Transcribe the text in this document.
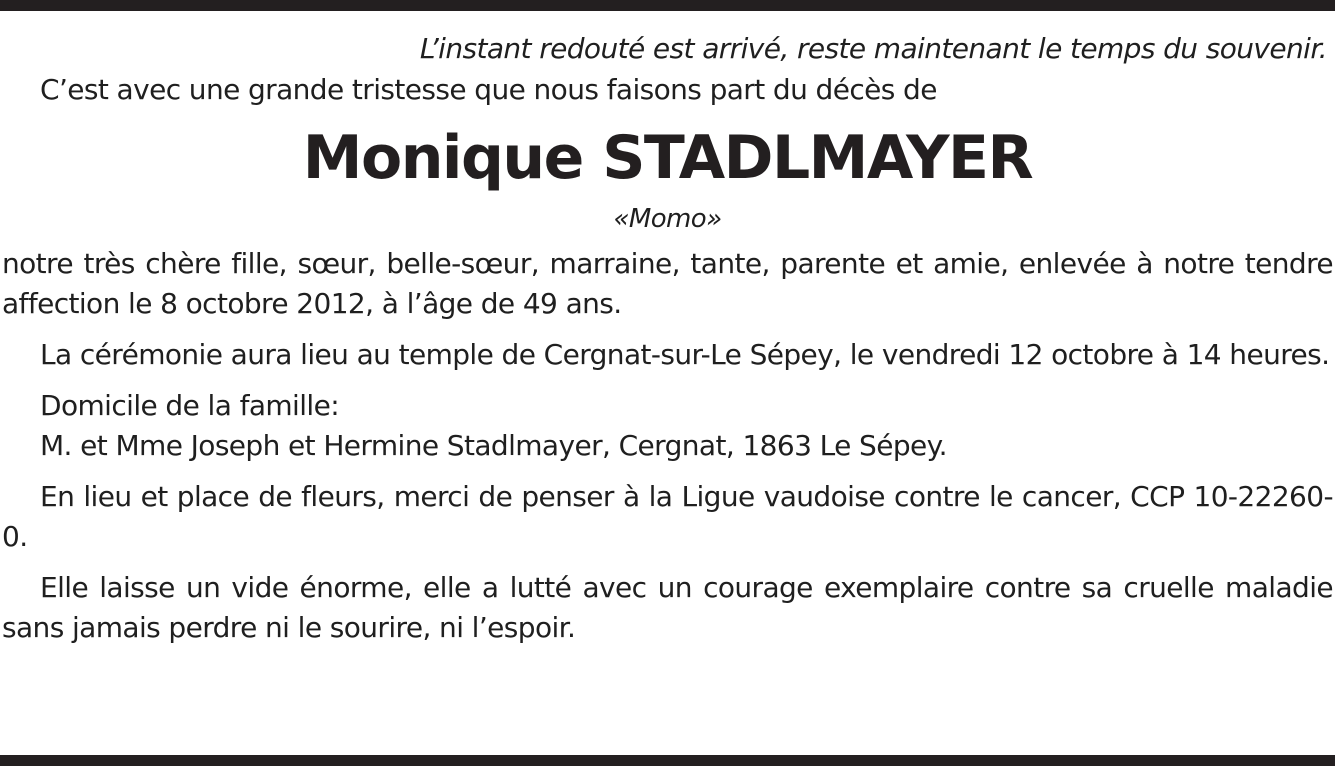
L’instant redouté est arrivé, reste maintenant le temps du souvenir.

C’est avec une grande tristesse que nous faisons part du décès de

Monique STADLMAYER

«Momo»

notre très chère fille, sœur, belle-sœur, marraine, tante, parente et amie, enlevée à notre tendre affection le 8 octobre 2012, à l’âge de 49 ans.

La cérémonie aura lieu au temple de Cergnat-sur-Le Sépey, le vendredi 12 octobre à 14 heures.

Domicile de la famille:
M. et Mme Joseph et Hermine Stadlmayer, Cergnat, 1863 Le Sépey.

En lieu et place de fleurs, merci de penser à la Ligue vaudoise contre le cancer, CCP 10-22260-0.

Elle laisse un vide énorme, elle a lutté avec un courage exemplaire contre sa cruelle maladie sans jamais perdre ni le sourire, ni l’espoir.
